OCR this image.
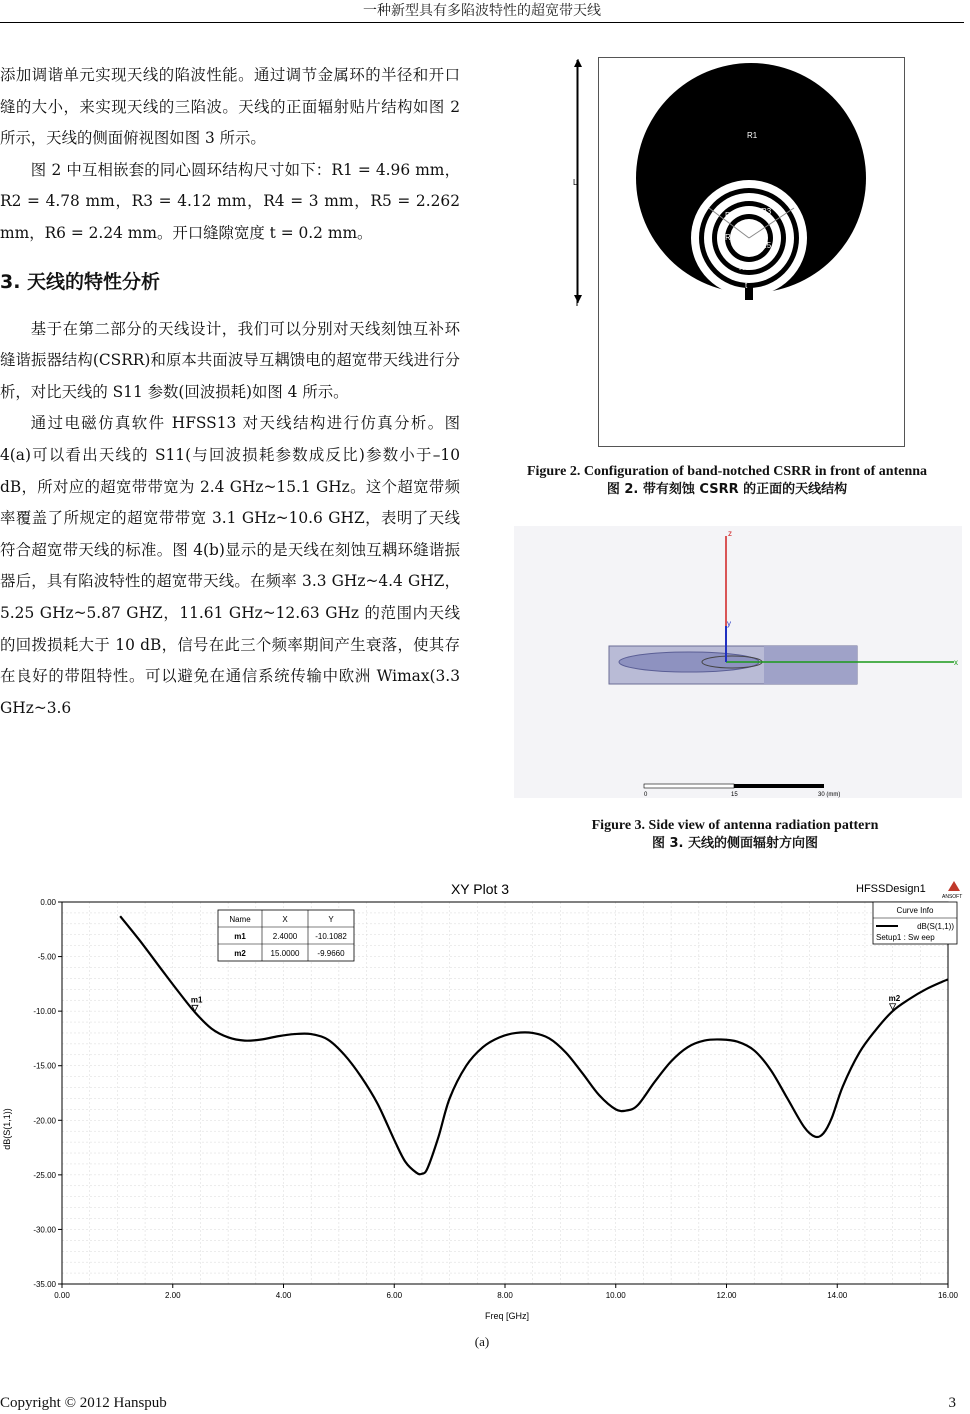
一种新型具有多陷波特性的超宽带天线

添加调谐单元实现天线的陷波性能。通过调节金属环的半径和开口缝的大小，来实现天线的三陷波。天线的正面辐射贴片结构如图 2 所示，天线的侧面俯视图如图 3 所示。

图 2 中互相嵌套的同心圆环结构尺寸如下：R1 = 4.96 mm，R2 = 4.78 mm，R3 = 4.12 mm，R4 = 3 mm，R5 = 2.262 mm，R6 = 2.24 mm。开口缝隙宽度 t = 0.2 mm。

3. 天线的特性分析

基于在第二部分的天线设计，我们可以分别对天线刻蚀互补环缝谐振器结构(CSRR)和原本共面波导互耦馈电的超宽带天线进行分析，对比天线的 S11 参数(回波损耗)如图 4 所示。

通过电磁仿真软件 HFSS13 对天线结构进行仿真分析。图 4(a)可以看出天线的 S11(与回波损耗参数成反比)参数小于–10 dB，所对应的超宽带带宽为 2.4 GHz~15.1 GHz。这个超宽带频率覆盖了所规定的超宽带带宽 3.1 GHz~10.6 GHZ，表明了天线符合超宽带天线的标准。图 4(b)显示的是天线在刻蚀互耦环缝谐振器后，具有陷波特性的超宽带天线。在频率 3.3 GHz~4.4 GHZ，5.25 GHz~5.87 GHZ，11.61 GHz~12.63 GHz 的范围内天线的回拨损耗大于 10 dB，信号在此三个频率期间产生衰落，使其存在良好的带阻特性。可以避免在通信系统传输中欧洲 Wimax(3.3 GHz~3.6

R1
R2	R3
R4
R5
R6
t
L
Figure 2. Configuration of band-notched CSRR in front of antenna
图 2. 带有刻蚀 CSRR 的正面的天线结构
z
x
y
0	15	30 (mm)
Figure 3. Side view of antenna radiation pattern
图 3. 天线的侧面辐射方向图
XY Plot 3	HFSSDesign1
ANSOFT
0.00	2.00	4.00	6.00	8.00	10.00	12.00	14.00	16.00
0.00
-5.00
-10.00
-15.00
-20.00
-25.00
-30.00
-35.00
m1	m2
Freq [GHz]
dB(S(1,1))
Name	X	Y
m1	2.4000 -10.1082
m2	15.0000 -9.9660
Curve Info
dB(S(1,1))
Setup1 : Sw eep
(a)
Copyright © 2012 Hanspub	3
